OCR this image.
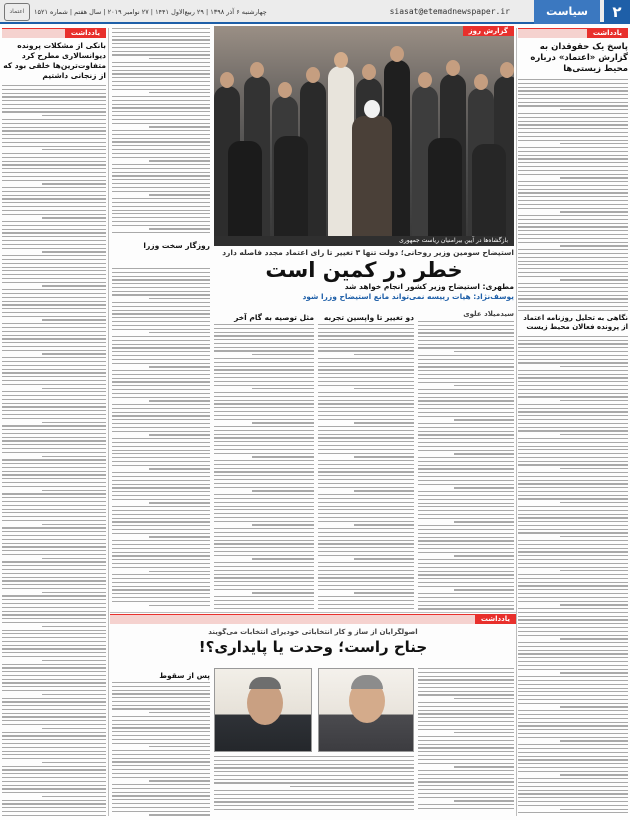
۲
سیاست
siasat@etemadnewspaper.ir
چهارشنبه ۶ آذر ۱۳۹۸ | ۲۹ ربیع‌الاول ۱۴۴۱ | ۲۷ نوامبر ۲۰۱۹ | سال هفتم | شماره ۱۵۲۱
اعتماد
یادداشت
پاسخ یک حقوقدان به گزارش «اعتماد» درباره محیط زیستی‌ها
نگاهی به تحلیل روزنامه اعتماد از پرونده فعالان محیط زیست
گزارش روز
بازگشاه‌ها در آیین بیرامنیان ریاست جمهوری
یادداشت
بانکی از مشکلات پرونده دیوانسالاری مطرح کرد متفاوت‌ترین‌ها خلقی بود که از زنجانی داشتیم
روزگار سخت وزرا
استیضاح سومین وزیر روحانی؛ دولت تنها ۳ تغییر تا رای اعتماد مجدد فاصله دارد
خطر در کمین است
مطهری: استیضاح وزیر کشور انجام خواهد شد
یوسف‌نژاد: هیات رییسه نمی‌تواند مانع استیضاح وزرا شود
سیدمیلاد علوی
دو تغییر تا واپسین تجربه
مثل توصیه به گام آخر
یادداشت
اصولگرایان از ساز و کار انتخاباتی خودیرای انتخابات می‌گویند
جناح راست؛ وحدت یا پایداری؟!
پس از سقوط
